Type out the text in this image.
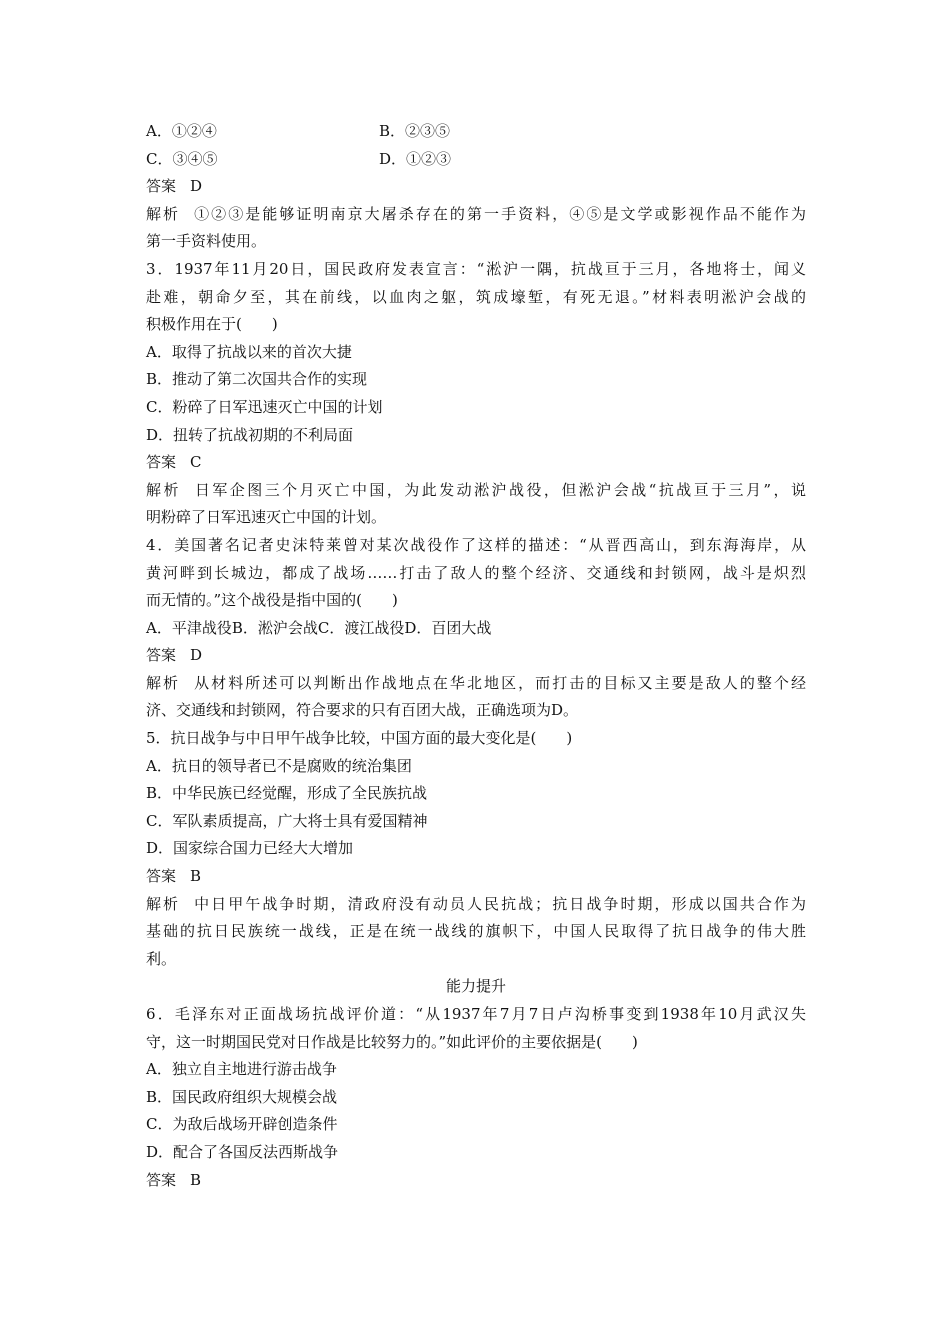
A．①②④	B．②③⑤
C．③④⑤	D．①②③
答案 D
解析 ①②③是能够证明南京大屠杀存在的第一手资料，④⑤是文学或影视作品不能作为
第一手资料使用。
3．1937年11月20日，国民政府发表宣言：“淞沪一隅，抗战亘于三月，各地将士，闻义
赴难，朝命夕至，其在前线，以血肉之躯，筑成壕堑，有死无退。”材料表明淞沪会战的
积极作用在于(　　)
A．取得了抗战以来的首次大捷
B．推动了第二次国共合作的实现
C．粉碎了日军迅速灭亡中国的计划
D．扭转了抗战初期的不利局面
答案 C
解析 日军企图三个月灭亡中国，为此发动淞沪战役，但淞沪会战“抗战亘于三月”，说
明粉碎了日军迅速灭亡中国的计划。
4．美国著名记者史沫特莱曾对某次战役作了这样的描述：“从晋西高山，到东海海岸，从
黄河畔到长城边，都成了战场……打击了敌人的整个经济、交通线和封锁网，战斗是炽烈
而无情的。”这个战役是指中国的(　　)
A．平津战役B．淞沪会战C．渡江战役D．百团大战
答案 D
解析 从材料所述可以判断出作战地点在华北地区，而打击的目标又主要是敌人的整个经
济、交通线和封锁网，符合要求的只有百团大战，正确选项为D。
5．抗日战争与中日甲午战争比较，中国方面的最大变化是(　　)
A．抗日的领导者已不是腐败的统治集团
B．中华民族已经觉醒，形成了全民族抗战
C．军队素质提高，广大将士具有爱国精神
D．国家综合国力已经大大增加
答案 B
解析 中日甲午战争时期，清政府没有动员人民抗战；抗日战争时期，形成以国共合作为
基础的抗日民族统一战线，正是在统一战线的旗帜下，中国人民取得了抗日战争的伟大胜
利。
能力提升
6．毛泽东对正面战场抗战评价道：“从1937年7月7日卢沟桥事变到1938年10月武汉失
守，这一时期国民党对日作战是比较努力的。”如此评价的主要依据是(　　)
A．独立自主地进行游击战争
B．国民政府组织大规模会战
C．为敌后战场开辟创造条件
D．配合了各国反法西斯战争
答案 B
